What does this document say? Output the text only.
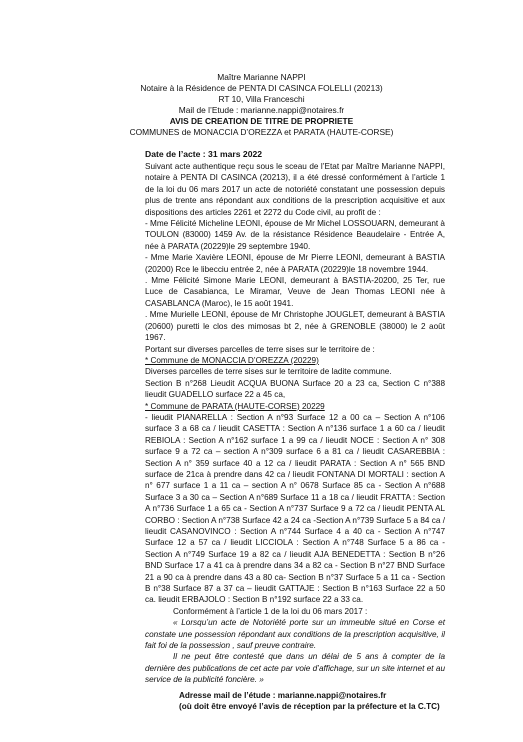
Maître Marianne NAPPI
Notaire à la Résidence de PENTA DI CASINCA FOLELLI (20213)
RT 10, Villa Franceschi
Mail de l’Etude : marianne.nappi@notaires.fr
AVIS DE CREATION DE TITRE DE PROPRIETE
COMMUNES de MONACCIA D’OREZZA et PARATA (HAUTE-CORSE)
Date de l’acte : 31 mars 2022

Suivant acte authentique reçu sous le sceau de l’Etat par Maître Marianne NAPPI, notaire à PENTA DI CASINCA (20213), il a été dressé conformément à l’article 1 de la loi du 06 mars 2017 un acte de notoriété constatant une possession depuis plus de trente ans répondant aux conditions de la prescription acquisitive et aux dispositions des articles 2261 et 2272 du Code civil, au profit de :

- Mme Félicité Micheline LEONI, épouse de Mr Michel LOSSOUARN, demeurant à TOULON (83000) 1459 Av. de la résistance Résidence Beaudelaire - Entrée A, née à PARATA (20229)le 29 septembre 1940.

- Mme Marie Xavière LEONI, épouse de Mr Pierre LEONI, demeurant à BASTIA (20200) Rce le libecciu entrée 2, née à PARATA (20229)le 18 novembre 1944.

. Mme Félicité Simone Marie LEONI, demeurant à BASTIA-20200, 25 Ter, rue Luce de Casabianca, Le Miramar, Veuve de Jean Thomas LEONI née à CASABLANCA (Maroc), le 15 août 1941.

. Mme Murielle LEONI, épouse de Mr Christophe JOUGLET, demeurant à BASTIA (20600) puretti le clos des mimosas bt 2, née à GRENOBLE (38000) le 2 août 1967.

Portant sur diverses parcelles de terre sises sur le territoire de :

* Commune de MONACCIA D’OREZZA (20229)

Diverses parcelles de terre sises sur le territoire de ladite commune.

Section B n°268 Lieudit ACQUA BUONA Surface 20 a 23 ca, Section C n°388 lieudit GUADELLO surface 22 a 45 ca,

* Commune de PARATA (HAUTE-CORSE) 20229

- lieudit PIANARELLA : Section A n°93 Surface 12 a 00 ca – Section A n°106 surface 3 a 68 ca / lieudit CASETTA : Section A n°136 surface 1 a 60 ca / lieudit REBIOLA : Section A n°162 surface 1 a 99 ca / lieudit NOCE : Section A n° 308 surface 9 a 72 ca – section A n°309 surface 6 a 81 ca / lieudit CASAREBBIA : Section A n° 359 surface 40 a 12 ca / lieudit PARATA : Section A n° 565 BND surface de 21ca à prendre dans 42 ca / lieudit FONTANA DI MORTALI : section A n° 677 surface 1 a 11 ca – section A n° 0678 Surface 85 ca - Section A n°688 Surface 3 a 30 ca – Section A n°689 Surface 11 a 18 ca / lieudit FRATTA : Section A n°736 Surface 1 a 65 ca - Section A n°737 Surface 9 a 72 ca / lieudit PENTA AL CORBO : Section A n°738 Surface 42 a 24 ca -Section A n°739 Surface 5 a 84 ca / lieudit CASANOVINCO : Section A n°744 Surface 4 a 40 ca - Section A n°747 Surface 12 a 57 ca / lieudit LICCIOLA : Section A n°748 Surface 5 a 86 ca - Section A n°749 Surface 19 a 82 ca / lieudit AJA BENEDETTA : Section B n°26 BND Surface 17 a 41 ca à prendre dans 34 a 82 ca - Section B n°27 BND Surface 21 a 90 ca à prendre dans 43 a 80 ca- Section B n°37 Surface 5 a 11 ca - Section B n°38 Surface 87 a 37 ca – lieudit GATTAJE : Section B n°163 Surface 22 a 50 ca. lieudit ERBAJOLO : Section B n°192 surface 22 a 33 ca.

Conformément à l’article 1 de la loi du 06 mars 2017 :

« Lorsqu’un acte de Notoriété porte sur un immeuble situé en Corse et constate une possession répondant aux conditions de la prescription acquisitive, il fait foi de la possession , sauf preuve contraire.

Il ne peut être contesté que dans un délai de 5 ans à compter de la dernière des publications de cet acte par voie d’affichage, sur un site internet et au service de la publicité foncière. »

Adresse mail de l’étude : marianne.nappi@notaires.fr

(où doit être envoyé l’avis de réception par la préfecture et la C.TC)
